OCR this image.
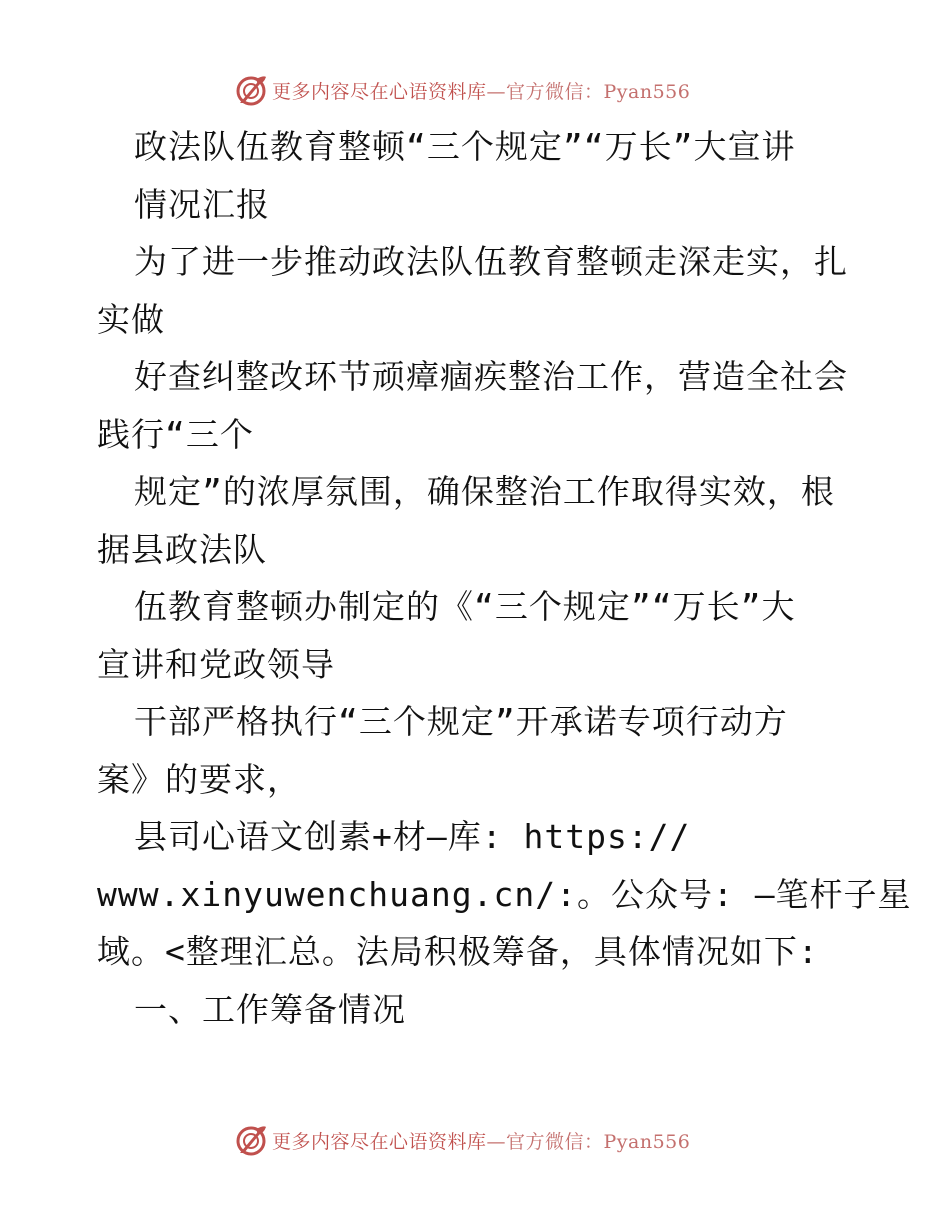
更多内容尽在心语资料库—官方微信：Pyan556
政法队伍教育整顿“三个规定”“万长”大宣讲
情况汇报
为了进一步推动政法队伍教育整顿走深走实，扎
实做
好查纠整改环节顽瘴痼疾整治工作，营造全社会
践行“三个
规定”的浓厚氛围，确保整治工作取得实效，根
据县政法队
伍教育整顿办制定的《“三个规定”“万长”大
宣讲和党政领导
干部严格执行“三个规定”开承诺专项行动方
案》的要求，
县司心语文创素+材—库: https://
www.xinyuwenchuang.cn/:。公众号: —笔杆子星
域。<整理汇总。法局积极筹备，具体情况如下:
一、工作筹备情况
更多内容尽在心语资料库—官方微信：Pyan556
